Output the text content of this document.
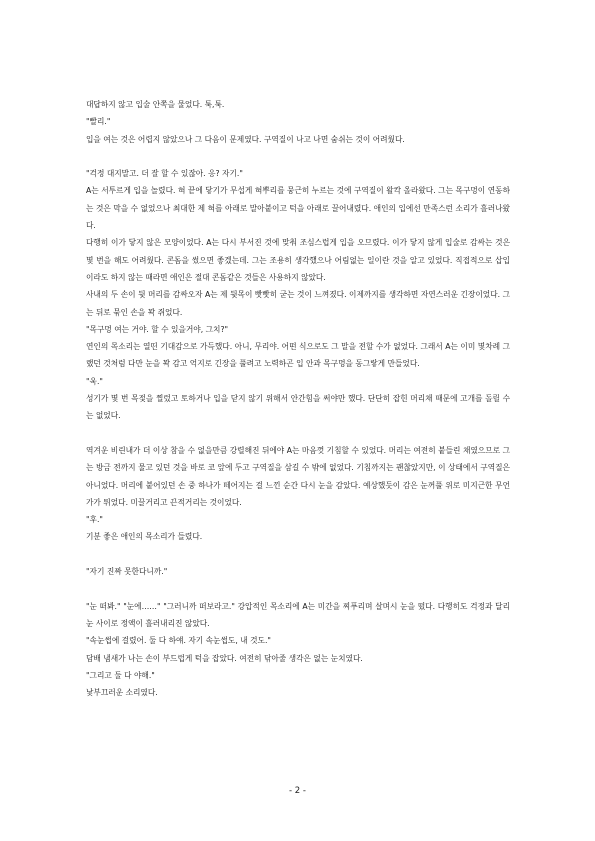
대답하지 않고 입술 안쪽을 물었다. 툭,툭.

"빨리."

입을 여는 것은 어렵지 않았으나 그 다음이 문제였다. 구역질이 나고 나면 숨쉬는 것이 어려웠다.

"걱정 대지말고. 더 잘 할 수 있잖아. 응? 자기."

A는 서투르게 입을 놀렸다. 혀 끝에 닿기가 무섭게 혀뿌리를 뭉근히 누르는 것에 구역질이 왈칵 올라왔다. 그는 목구멍이 연동하는 것은 막을 수 없었으나 최대한 제 혀를 아래로 말아붙이고 턱을 아래로 끌어내렸다. 애인의 입에선 만족스런 소리가 흘러나왔다.

다행히 이가 닿지 않은 모양이었다. A는 다시 부서진 것에 맞춰 조심스럽게 입을 오므렸다. 이가 닿지 않게 입술로 감싸는 것은 몇 번을 해도 어려웠다. 콘돔을 썼으면 좋겠는데. 그는 조용히 생각했으나 어림없는 일이란 것을 알고 있었다. 직접적으로 삽입이라도 하지 않는 때라면 애인은 절대 콘돔같은 것들은 사용하지 않았다.

사내의 두 손이 뒷 머리를 감싸오자 A는 제 뒷목이 빳빳히 굳는 것이 느껴졌다. 이제까지를 생각하면 자연스러운 긴장이었다. 그는 뒤로 묶인 손을 꽉 쥐었다.

"목구멍 여는 거야. 할 수 있을거야, 그치?"

연인의 목소리는 열띤 기대감으로 가득했다. 아니, 무리야. 어떤 식으로도 그 말을 전할 수가 없었다. 그래서 A는 이미 몇차례 그랬던 것처럼 다만 눈을 꽉 감고 억지로 긴장을 풀려고 노력하곤 입 안과 목구멍을 동그랗게 만들었다.

"욱."

성기가 몇 번 목젖을 찔렀고 토하거나 입을 닫지 않기 위해서 안간힘을 써야만 했다. 단단히 잡힌 머리채 때문에 고개를 돌릴 수는 없었다.

역겨운 비린내가 더 이상 참을 수 없을만큼 강렬해진 뒤에야 A는 마음껏 기침할 수 있었다. 머리는 여전히 붙들린 채였으므로 그는 방금 전까지 물고 있던 것을 바로 코 앞에 두고 구역질을 삼길 수 밖에 없었다. 기침까지는 괜찮았지만, 이 상태에서 구역질은 아니었다. 머리에 붙어있던 손 중 하나가 떼어지는 걸 느낀 순간 다시 눈을 감았다. 예상했듯이 감은 눈꺼풀 위로 미지근한 무언가가 튀었다. 미끌거리고 끈적거리는 것이었다.

"후."

기분 좋은 애인의 목소리가 들렸다.

"자기 진짜 못한다니까."

"눈 떠봐." "눈에……" "그러니까 떠보라고." 강압적인 목소리에 A는 미간을 찌푸리며 살며시 눈을 떴다. 다행히도 걱정과 달리 눈 사이로 정액이 흘러내리진 않았다.

"속눈썹에 걸렸어. 둘 다 하얘. 자기 속눈썹도, 내 것도."

담배 냄새가 나는 손이 부드럽게 턱을 잡았다. 여전히 닦아줄 생각은 없는 눈치였다.

"그리고 둘 다 야해."

낯부끄러운 소리였다.

- 2 -
